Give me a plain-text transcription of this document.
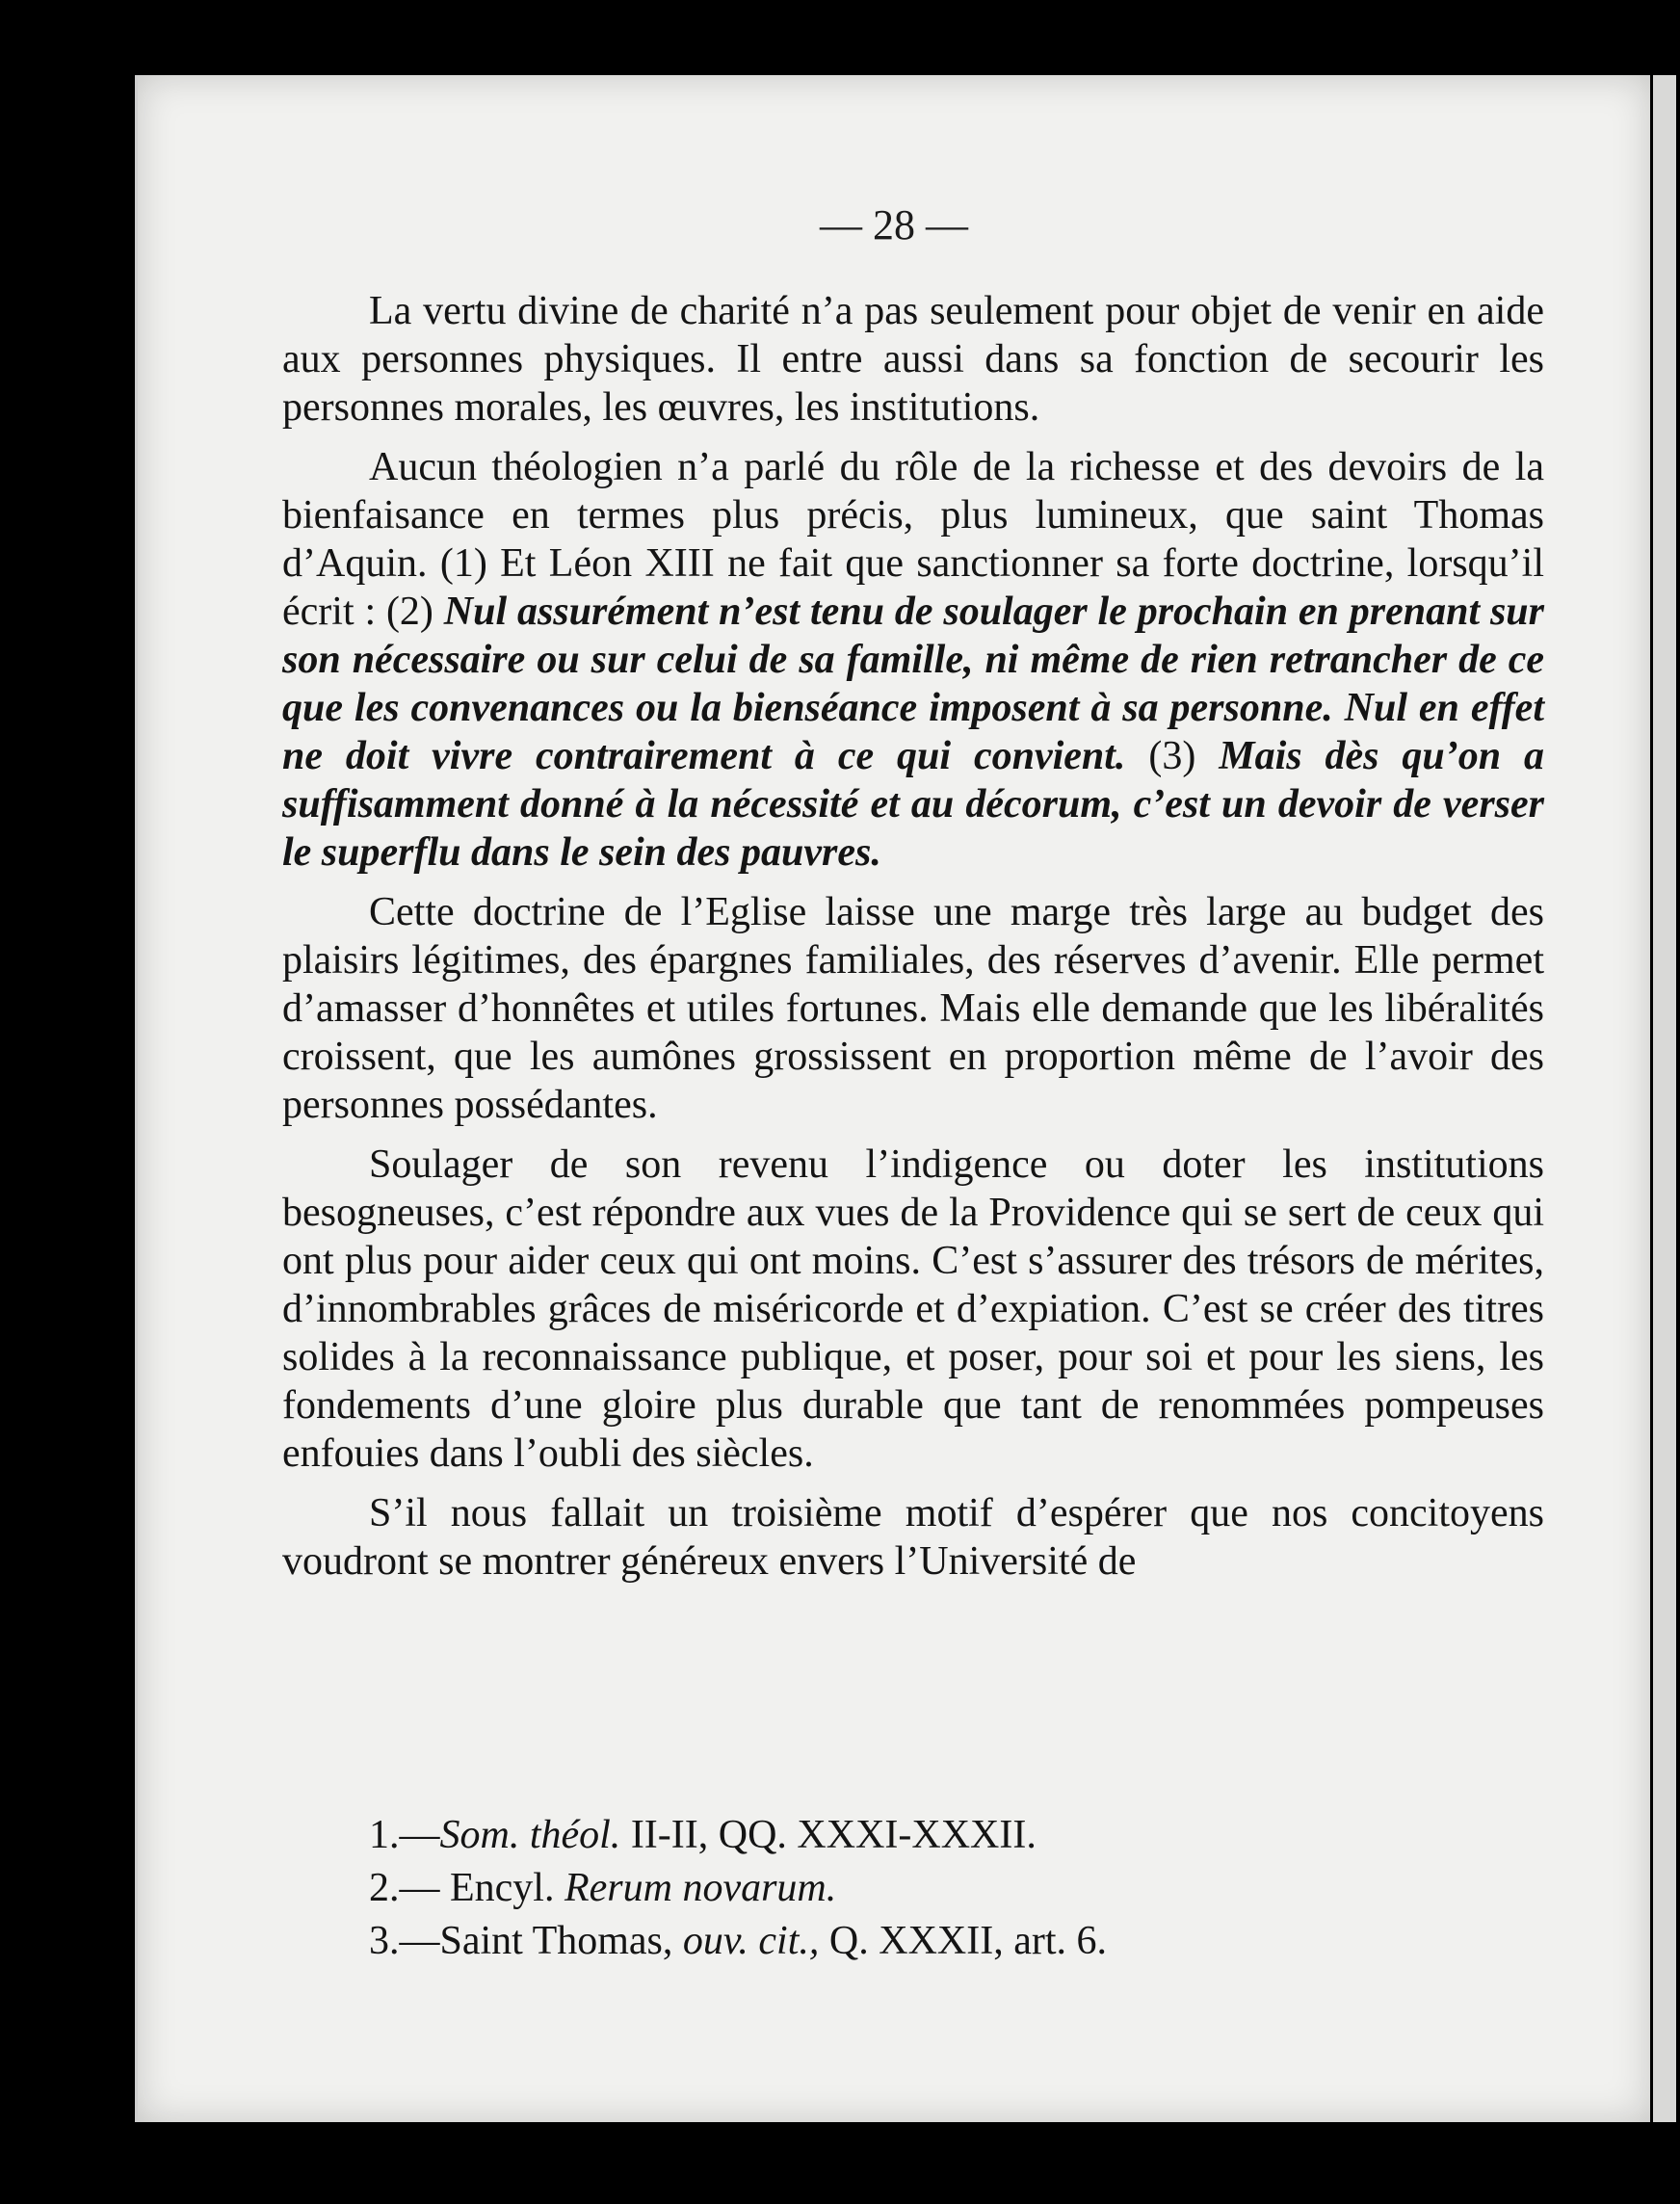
— 28 —

La vertu divine de charité n’a pas seulement pour objet de venir en aide aux personnes physiques. Il entre aussi dans sa fonction de secourir les personnes morales, les œuvres, les institutions.

Aucun théologien n’a parlé du rôle de la richesse et des devoirs de la bienfaisance en termes plus précis, plus lumineux, que saint Thomas d’Aquin. (1) Et Léon XIII ne fait que sanctionner sa forte doctrine, lorsqu’il écrit : (2) Nul assurément n’est tenu de soulager le prochain en prenant sur son nécessaire ou sur celui de sa famille, ni même de rien retrancher de ce que les convenances ou la bienséance imposent à sa personne. Nul en effet ne doit vivre contrairement à ce qui convient. (3) Mais dès qu’on a suffisamment donné à la nécessité et au décorum, c’est un devoir de verser le superflu dans le sein des pauvres.

Cette doctrine de l’Eglise laisse une marge très large au budget des plaisirs légitimes, des épargnes familiales, des réserves d’avenir. Elle permet d’amasser d’honnêtes et utiles fortunes. Mais elle demande que les libéralités croissent, que les aumônes grossissent en proportion même de l’avoir des personnes possédantes.

Soulager de son revenu l’indigence ou doter les institutions besogneuses, c’est répondre aux vues de la Providence qui se sert de ceux qui ont plus pour aider ceux qui ont moins. C’est s’assurer des trésors de mérites, d’innombrables grâces de miséricorde et d’expiation. C’est se créer des titres solides à la reconnaissance publique, et poser, pour soi et pour les siens, les fondements d’une gloire plus durable que tant de renommées pompeuses enfouies dans l’oubli des siècles.

S’il nous fallait un troisième motif d’espérer que nos concitoyens voudront se montrer généreux envers l’Université de

1.—Som. théol. II-II, QQ. XXXI-XXXII.
2.— Encyl. Rerum novarum.
3.—Saint Thomas, ouv. cit., Q. XXXII, art. 6.
